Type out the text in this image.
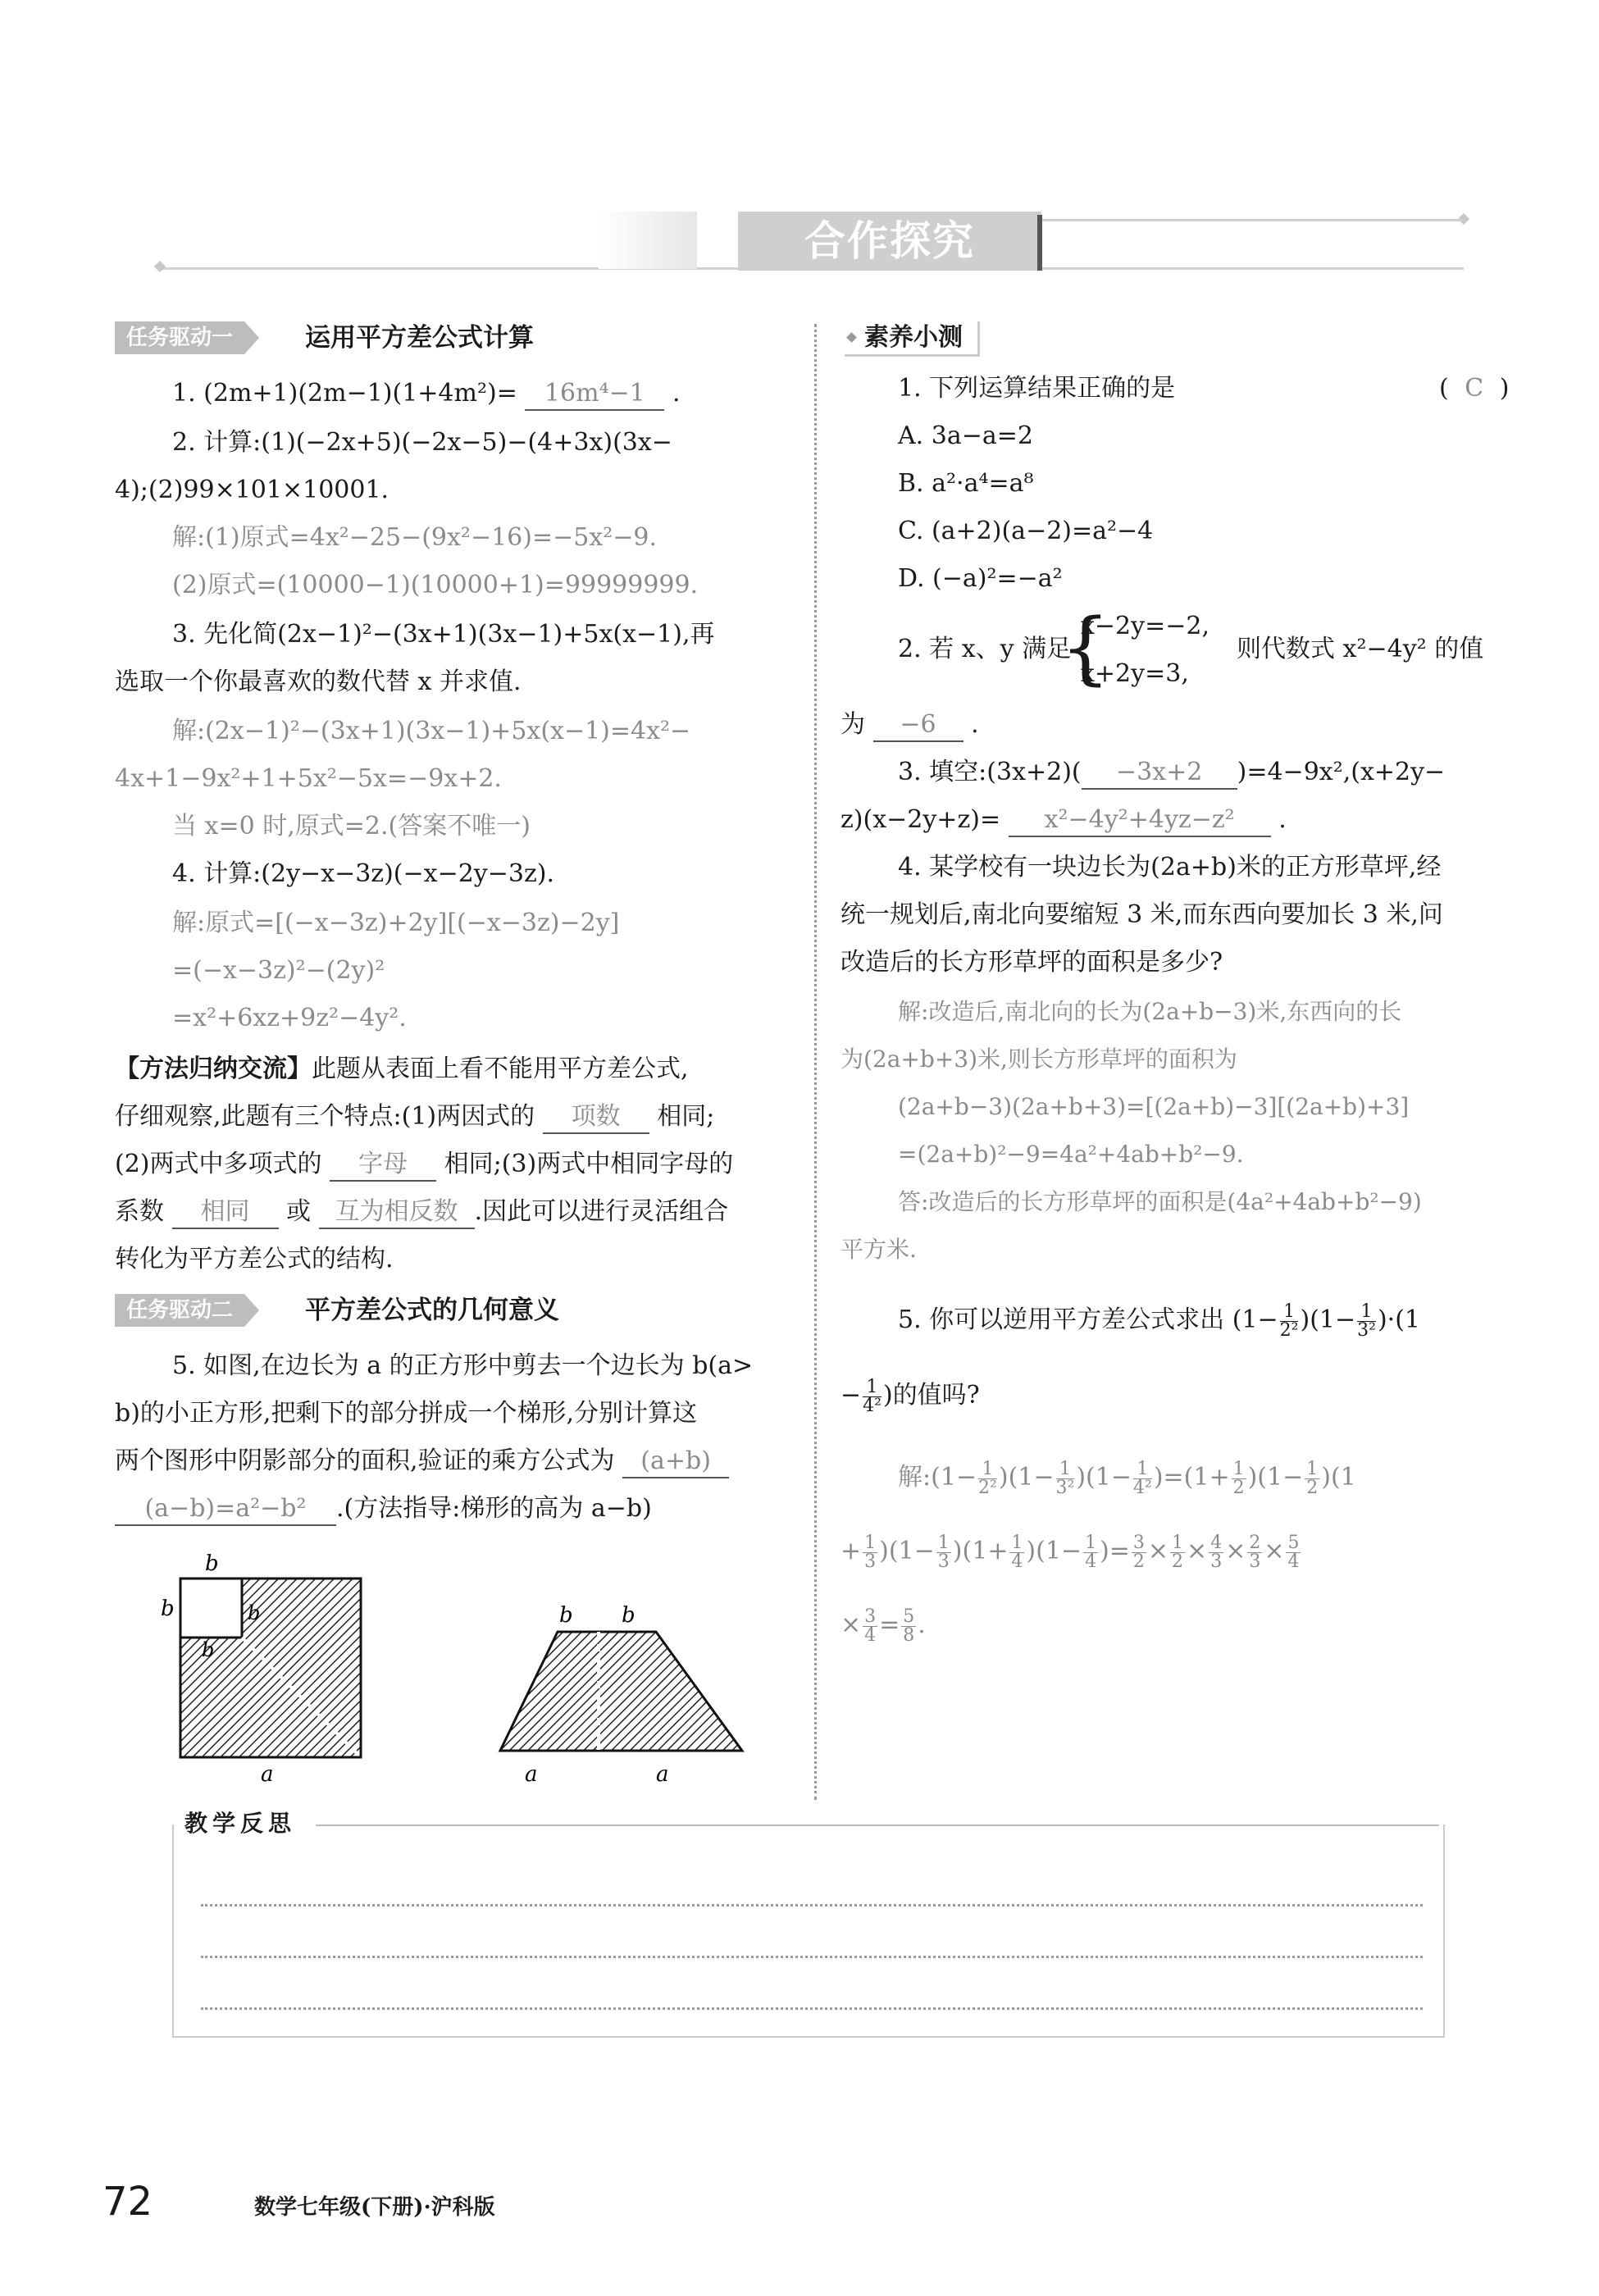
合作探究
任务驱动一	运用平方差公式计算
1. (2m+1)(2m−1)(1+4m²)= 16m⁴−1 .
2. 计算:(1)(−2x+5)(−2x−5)−(4+3x)(3x−
4);(2)99×101×10001.
解:(1)原式=4x²−25−(9x²−16)=−5x²−9.
(2)原式=(10000−1)(10000+1)=99999999.
3. 先化简(2x−1)²−(3x+1)(3x−1)+5x(x−1),再
选取一个你最喜欢的数代替 x 并求值.
解:(2x−1)²−(3x+1)(3x−1)+5x(x−1)=4x²−
4x+1−9x²+1+5x²−5x=−9x+2.
当 x=0 时,原式=2.(答案不唯一)
4. 计算:(2y−x−3z)(−x−2y−3z).
解:原式=[(−x−3z)+2y][(−x−3z)−2y]
=(−x−3z)²−(2y)²
=x²+6xz+9z²−4y².
【方法归纳交流】此题从表面上看不能用平方差公式,
仔细观察,此题有三个特点:(1)两因式的 项数 相同;
(2)两式中多项式的 字母 相同;(3)两式中相同字母的
系数 相同 或 互为相反数 .因此可以进行灵活组合
转化为平方差公式的结构.
任务驱动二	平方差公式的几何意义
5. 如图,在边长为 a 的正方形中剪去一个边长为 b(a>
b)的小正方形,把剩下的部分拼成一个梯形,分别计算这
两个图形中阴影部分的面积,验证的乘方公式为 (a+b)
(a−b)=a²−b² .(方法指导:梯形的高为 a−b)
b
b	b
b
a
b b
a	a
素养小测
1. 下列运算结果正确的是	( C )
A. 3a−a=2
B. a²·a⁴=a⁸
C. (a+2)(a−2)=a²−4
D. (−a)²=−a²
2. 若 x、y 满足
{
x−2y=−2,
x+2y=3,
则代数式 x²−4y² 的值
为 −6 .
3. 填空:(3x+2)( −3x+2 )=4−9x²,(x+2y−
z)(x−2y+z)= x²−4y²+4yz−z² .
4. 某学校有一块边长为(2a+b)米的正方形草坪,经
统一规划后,南北向要缩短 3 米,而东西向要加长 3 米,问
改造后的长方形草坪的面积是多少?
解:改造后,南北向的长为(2a+b−3)米,东西向的长
为(2a+b+3)米,则长方形草坪的面积为
(2a+b−3)(2a+b+3)=[(2a+b)−3][(2a+b)+3]
=(2a+b)²−9=4a²+4ab+b²−9.
答:改造后的长方形草坪的面积是(4a²+4ab+b²−9)
平方米.
5. 你可以逆用平方差公式求出 $(1- \frac{1}{\text{2²}} )(1- \frac{1}{\text{3²}} )\cdot(1$
− $\frac{1}{\text{4²}}$ )的值吗?
解:(1− $\frac{1}{\text{2²}} )(1- \frac{1}{\text{3²}} )(1- \frac{1}{\text{4²}} )=(1+ \frac{1}{2} )(1- \frac{1}{2} )(1$
+ $\frac{1}{3} )(1- \frac{1}{3} )(1+ \frac{1}{4} )(1- \frac{1}{4}$ )= $\frac{3}{2} \times \frac{1}{2} \times \frac{4}{3} \times \frac{2}{3} \times \frac{5}{4}$
× $\frac{3}{4} = \frac{5}{8}$ .
教学反思
72	数学七年级(下册)·沪科版
